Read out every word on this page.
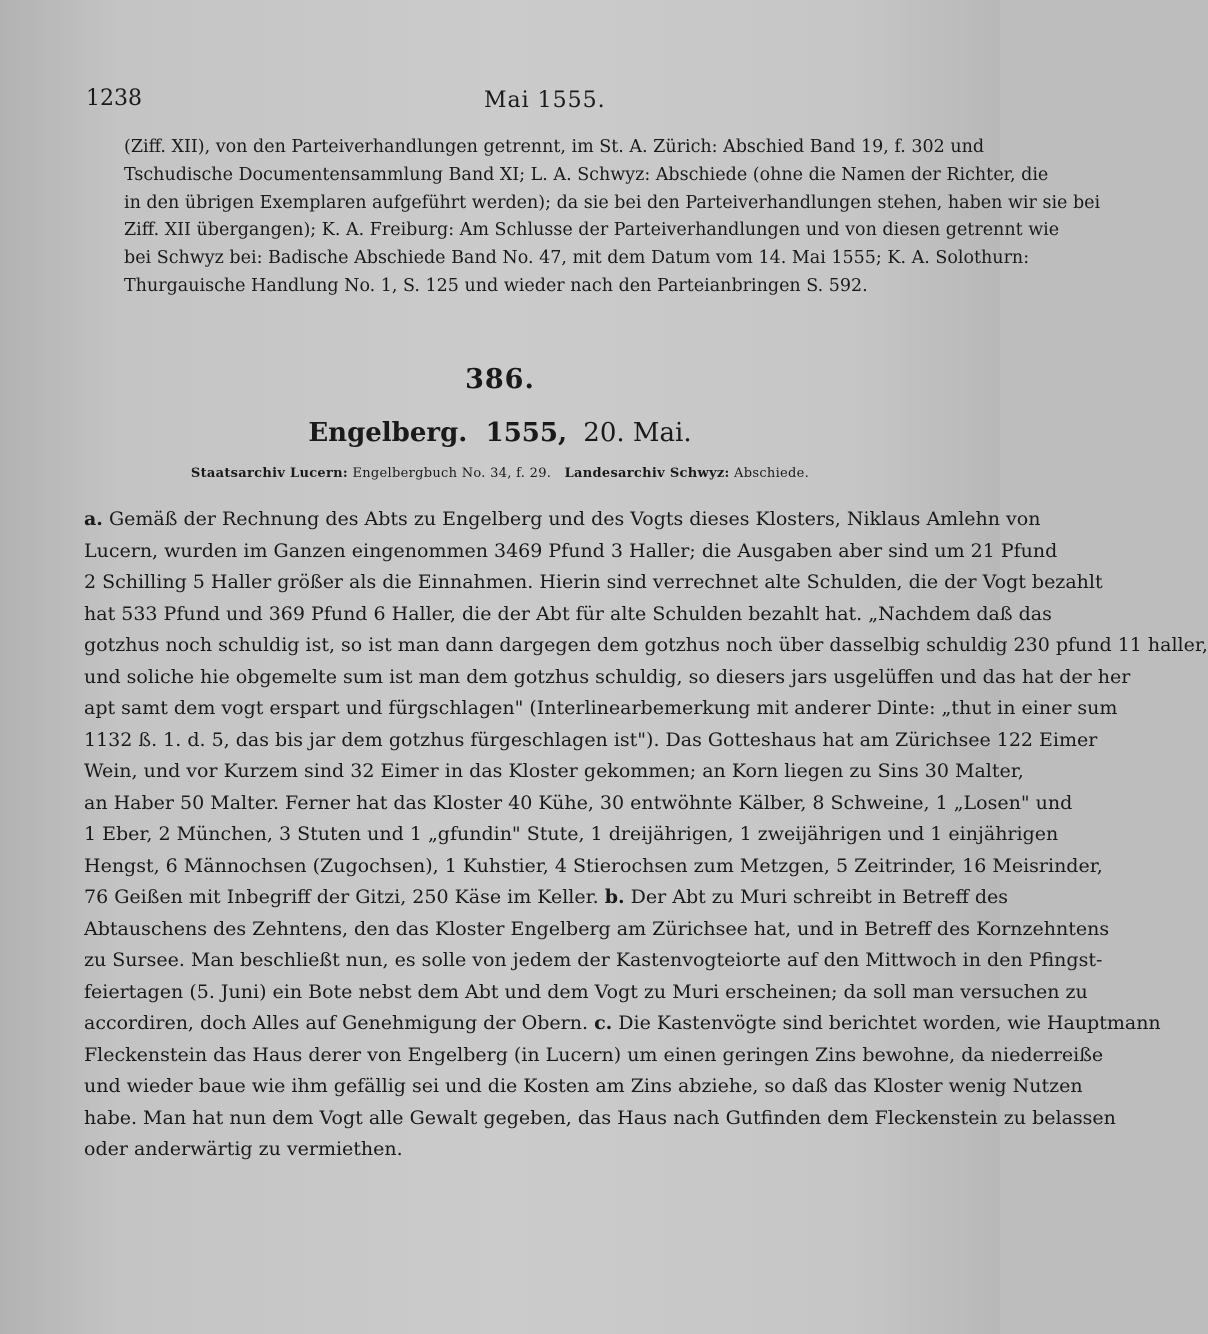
1238	Mai 1555.
(Ziff. XII), von den Parteiverhandlungen getrennt, im St. A. Zürich: Abschied Band 19, f. 302 und
Tschudische Documentensammlung Band XI; L. A. Schwyz: Abschiede (ohne die Namen der Richter, die
in den übrigen Exemplaren aufgeführt werden); da sie bei den Parteiverhandlungen stehen, haben wir sie bei
Ziff. XII übergangen); K. A. Freiburg: Am Schlusse der Parteiverhandlungen und von diesen getrennt wie
bei Schwyz bei: Badische Abschiede Band No. 47, mit dem Datum vom 14. Mai 1555; K. A. Solothurn:
Thurgauische Handlung No. 1, S. 125 und wieder nach den Parteianbringen S. 592.
386.
Engelberg. 1555, 20. Mai.
Staatsarchiv Lucern: Engelbergbuch No. 34, f. 29. Landesarchiv Schwyz: Abschiede.
a. Gemäß der Rechnung des Abts zu Engelberg und des Vogts dieses Klosters, Niklaus Amlehn von
Lucern, wurden im Ganzen eingenommen 3469 Pfund 3 Haller; die Ausgaben aber sind um 21 Pfund
2 Schilling 5 Haller größer als die Einnahmen. Hierin sind verrechnet alte Schulden, die der Vogt bezahlt
hat 533 Pfund und 369 Pfund 6 Haller, die der Abt für alte Schulden bezahlt hat. „Nachdem daß das
gotzhus noch schuldig ist, so ist man dann dargegen dem gotzhus noch über dasselbig schuldig 230 pfund 11 haller,
und soliche hie obgemelte sum ist man dem gotzhus schuldig, so diesers jars usgelüffen und das hat der her
apt samt dem vogt erspart und fürgschlagen" (Interlinearbemerkung mit anderer Dinte: „thut in einer sum
1132 ß. 1. d. 5, das bis jar dem gotzhus fürgeschlagen ist"). Das Gotteshaus hat am Zürichsee 122 Eimer
Wein, und vor Kurzem sind 32 Eimer in das Kloster gekommen; an Korn liegen zu Sins 30 Malter,
an Haber 50 Malter. Ferner hat das Kloster 40 Kühe, 30 entwöhnte Kälber, 8 Schweine, 1 „Losen" und
1 Eber, 2 München, 3 Stuten und 1 „gfundin" Stute, 1 dreijährigen, 1 zweijährigen und 1 einjährigen
Hengst, 6 Männochsen (Zugochsen), 1 Kuhstier, 4 Stierochsen zum Metzgen, 5 Zeitrinder, 16 Meisrinder,
76 Geißen mit Inbegriff der Gitzi, 250 Käse im Keller. b. Der Abt zu Muri schreibt in Betreff des
Abtauschens des Zehntens, den das Kloster Engelberg am Zürichsee hat, und in Betreff des Kornzehntens
zu Sursee. Man beschließt nun, es solle von jedem der Kastenvogteiorte auf den Mittwoch in den Pfingst-
feiertagen (5. Juni) ein Bote nebst dem Abt und dem Vogt zu Muri erscheinen; da soll man versuchen zu
accordiren, doch Alles auf Genehmigung der Obern. c. Die Kastenvögte sind berichtet worden, wie Hauptmann
Fleckenstein das Haus derer von Engelberg (in Lucern) um einen geringen Zins bewohne, da niederreiße
und wieder baue wie ihm gefällig sei und die Kosten am Zins abziehe, so daß das Kloster wenig Nutzen
habe. Man hat nun dem Vogt alle Gewalt gegeben, das Haus nach Gutfinden dem Fleckenstein zu belassen
oder anderwärtig zu vermiethen.
